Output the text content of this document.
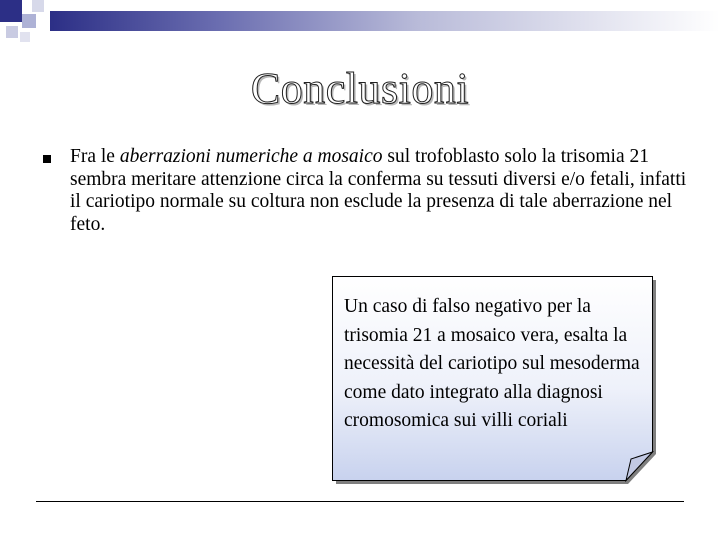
Conclusioni
Fra le aberrazioni numeriche a mosaico sul trofoblasto solo la trisomia 21 sembra meritare attenzione circa la conferma su tessuti diversi e/o fetali, infatti il cariotipo normale su coltura non esclude la presenza di tale aberrazione nel feto.
Un caso di falso negativo per la trisomia 21 a mosaico vera, esalta la necessità del cariotipo sul mesoderma come dato integrato alla diagnosi cromosomica sui villi coriali
